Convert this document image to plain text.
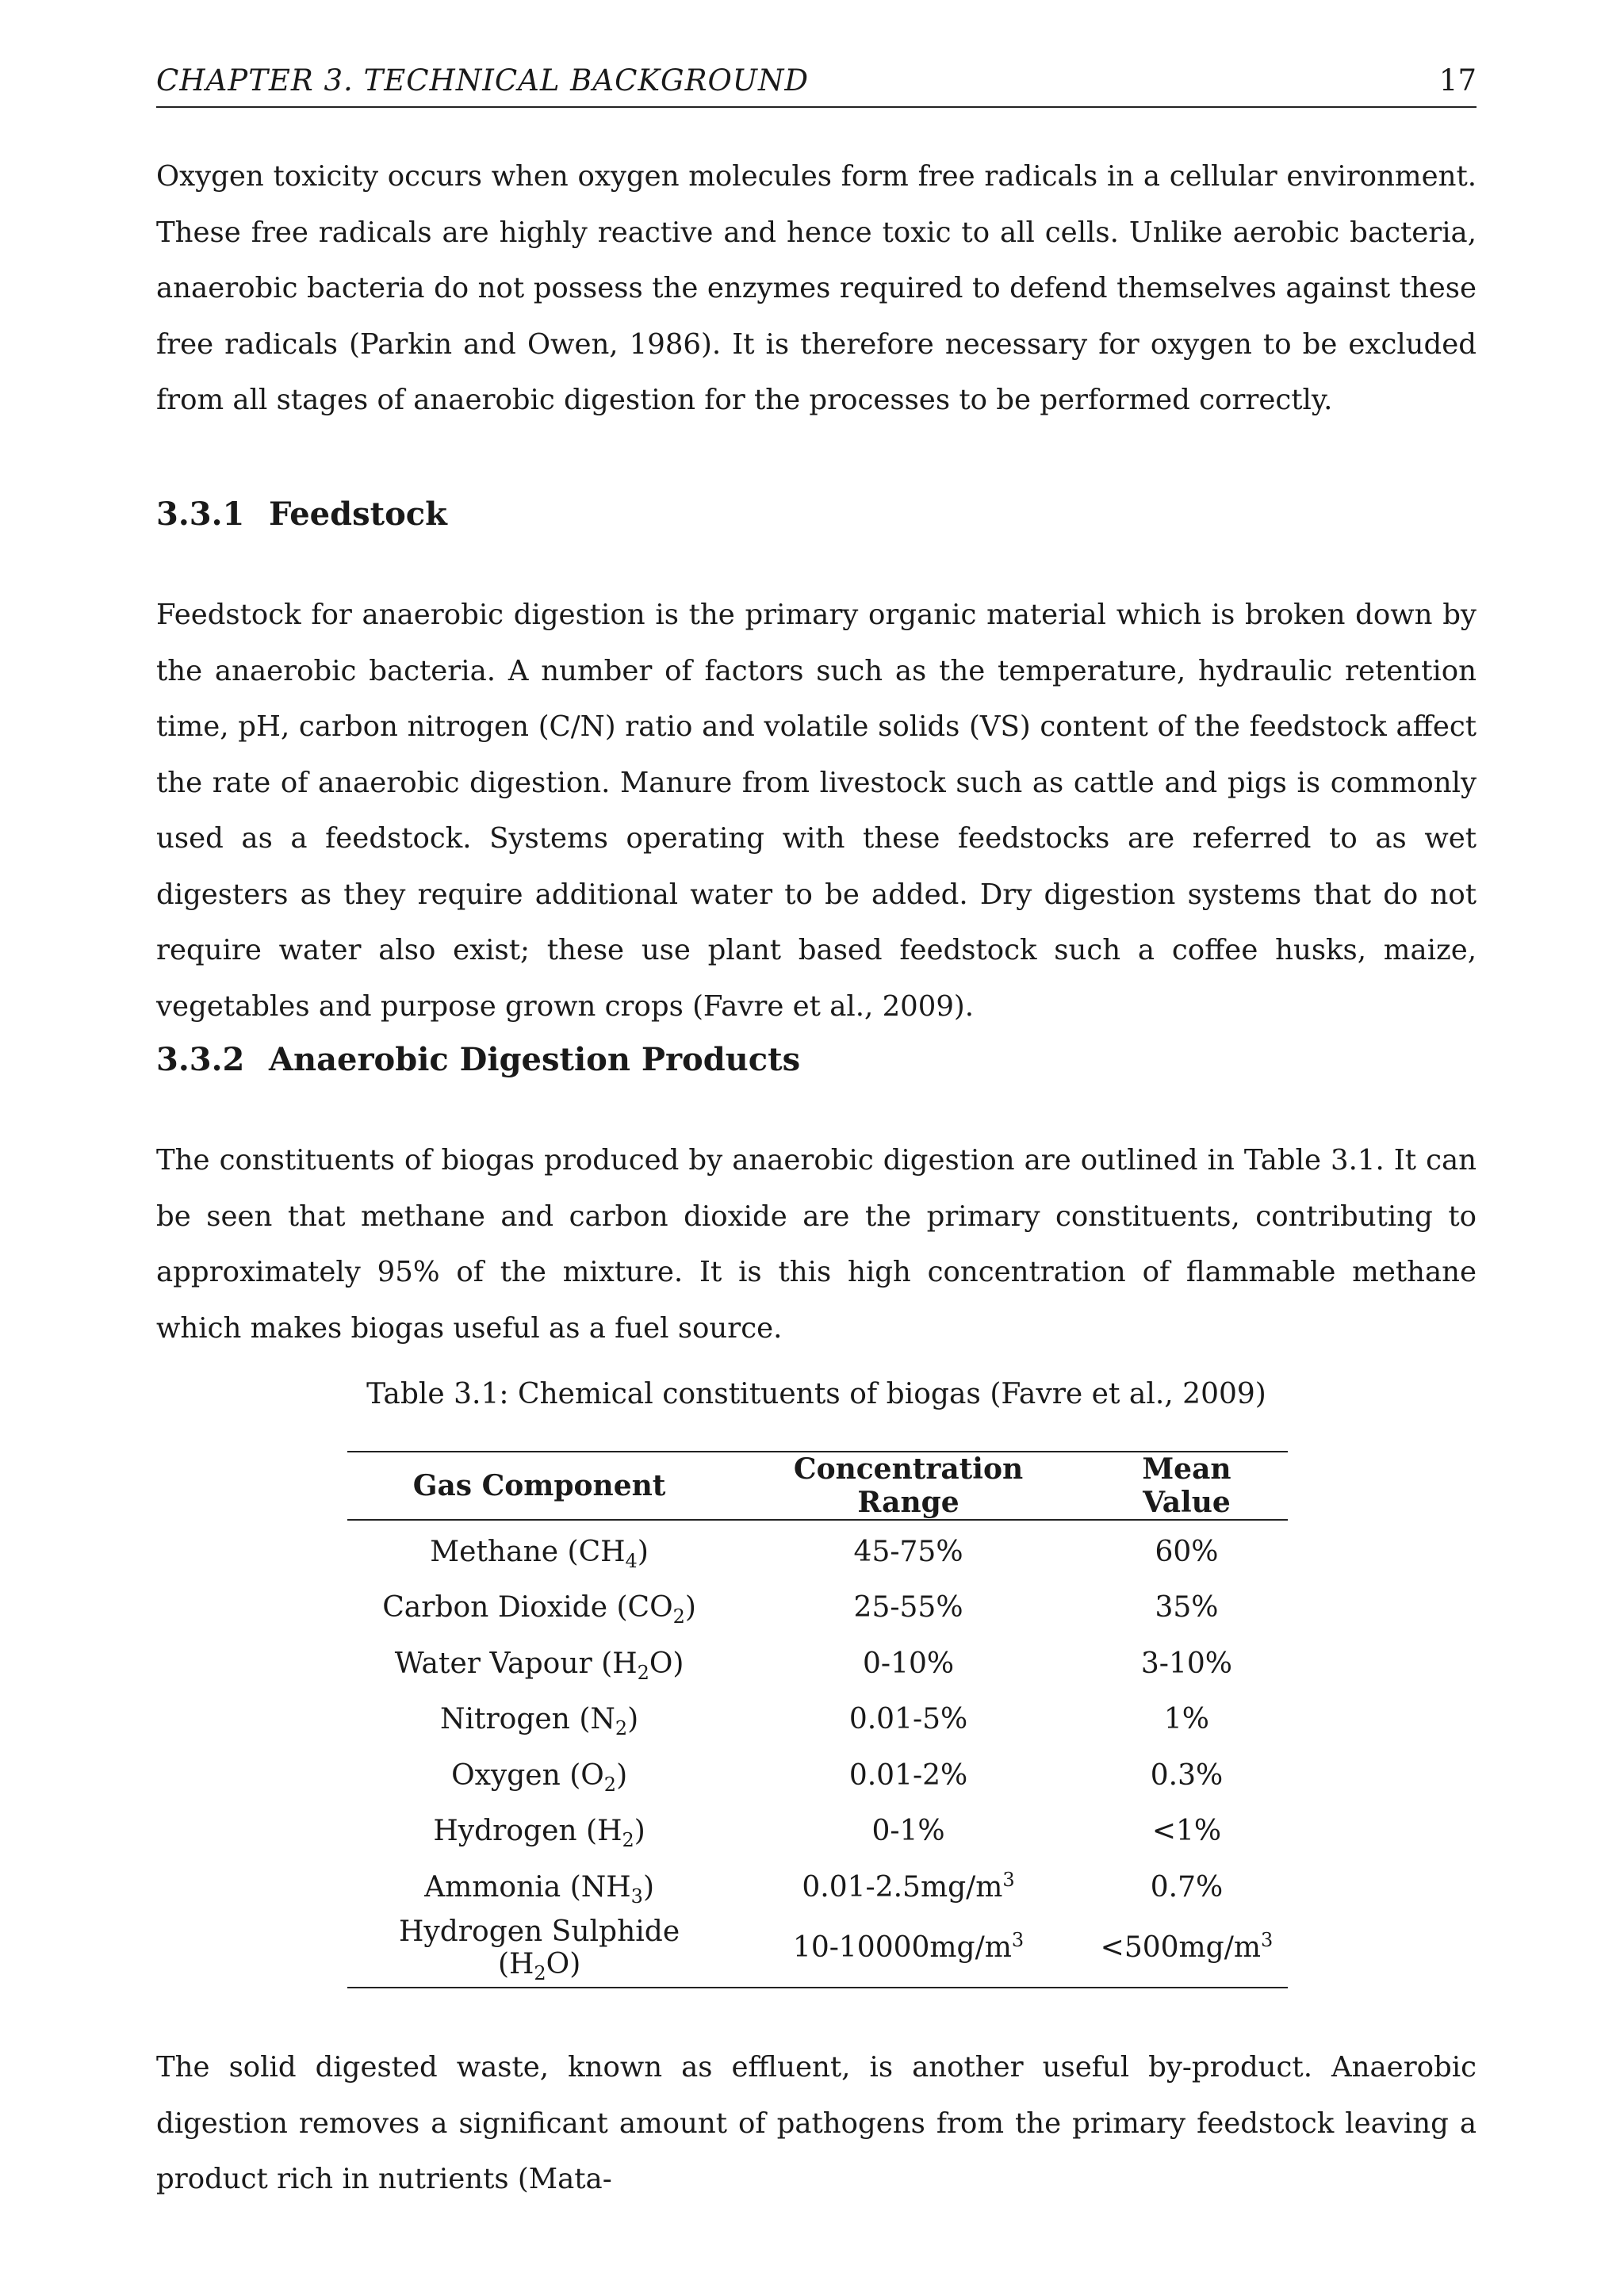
CHAPTER 3. TECHNICAL BACKGROUND	17

Oxygen toxicity occurs when oxygen molecules form free radicals in a cellular environment. These free radicals are highly reactive and hence toxic to all cells. Unlike aerobic bacteria, anaerobic bacteria do not possess the enzymes required to defend themselves against these free radicals (Parkin and Owen, 1986). It is therefore necessary for oxygen to be excluded from all stages of anaerobic digestion for the processes to be performed correctly.

3.3.1 Feedstock

Feedstock for anaerobic digestion is the primary organic material which is broken down by the anaerobic bacteria. A number of factors such as the temperature, hydraulic retention time, pH, carbon nitrogen (C/N) ratio and volatile solids (VS) content of the feedstock affect the rate of anaerobic digestion. Manure from livestock such as cattle and pigs is commonly used as a feedstock. Systems operating with these feedstocks are referred to as wet digesters as they require additional water to be added. Dry digestion systems that do not require water also exist; these use plant based feedstock such a coffee husks, maize, vegetables and purpose grown crops (Favre et al., 2009).

3.3.2 Anaerobic Digestion Products

The constituents of biogas produced by anaerobic digestion are outlined in Table 3.1. It can be seen that methane and carbon dioxide are the primary constituents, contributing to approximately 95% of the mixture. It is this high concentration of flammable methane which makes biogas useful as a fuel source.

Table 3.1: Chemical constituents of biogas (Favre et al., 2009)

Gas Component	Concentration Range	Mean Value
Methane $(CH_4)$	45-75%	60%
Carbon Dioxide $(CO_2)$	25-55%	35%
Water Vapour $(H_2O)$	0-10%	3-10%
Nitrogen $(N_2)$	0.01-5%	1%
Oxygen $(O_2)$	0.01-2%	0.3%
Hydrogen $(H_2)$	0-1%	<1%
Ammonia $(NH_3)$	$0.01-2.5mg/m^3$	0.7%
Hydrogen Sulphide $(H_2O)$	$10-10000mg/m^3$	$<500mg/m^3$

The solid digested waste, known as effluent, is another useful by-product. Anaerobic digestion removes a significant amount of pathogens from the primary feedstock leaving a product rich in nutrients (Mata-
